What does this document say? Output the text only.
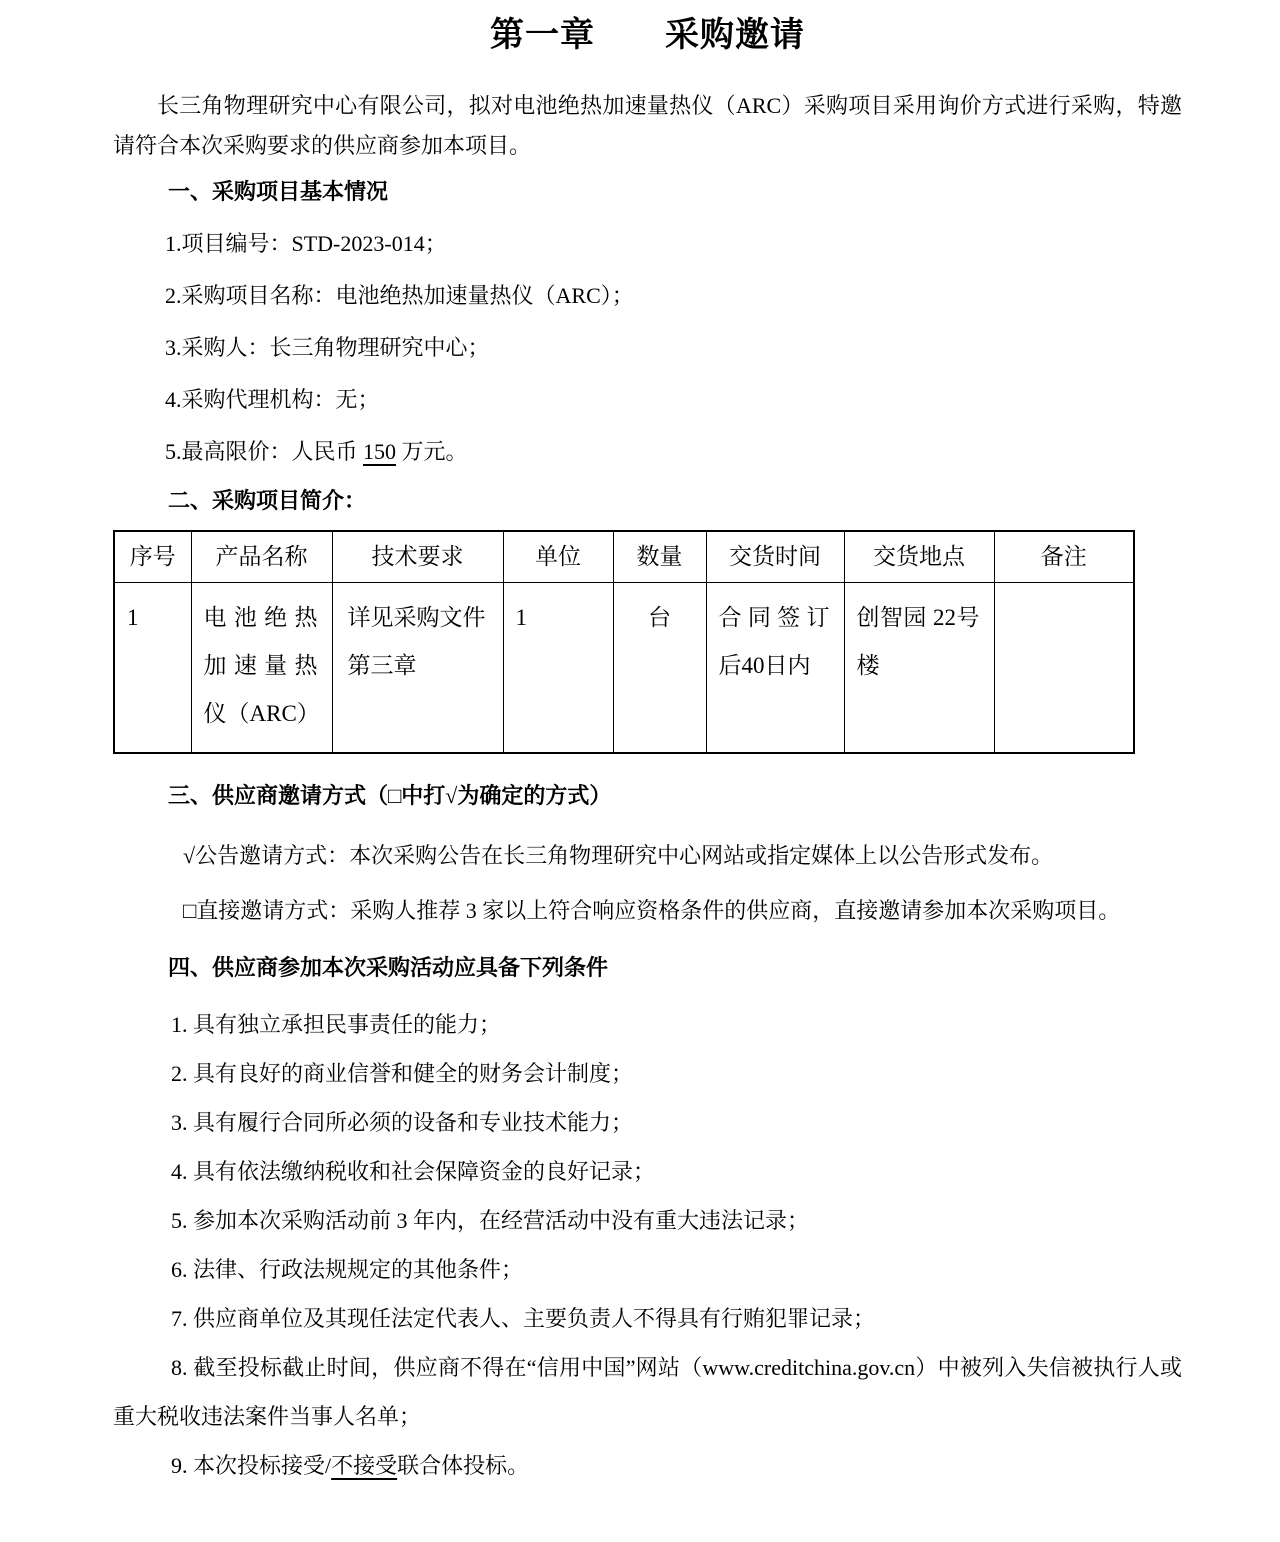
第一章　　采购邀请

长三角物理研究中心有限公司，拟对电池绝热加速量热仪（ARC）采购项目采用询价方式进行采购，特邀请符合本次采购要求的供应商参加本项目。

一、采购项目基本情况

1.项目编号：STD-2023-014；

2.采购项目名称：电池绝热加速量热仪（ARC）；

3.采购人：长三角物理研究中心；

4.采购代理机构：无；

5.最高限价：人民币 150 万元。

二、采购项目简介：

序号	产品名称	技术要求	单位	数量	交货时间	交货地点	备注
1	电池绝热加速量热仪（ARC）	详见采购文件第三章	1	台	合同签订后40日内	创智园 22号楼	

三、供应商邀请方式（□中打√为确定的方式）

√公告邀请方式：本次采购公告在长三角物理研究中心网站或指定媒体上以公告形式发布。

□直接邀请方式：采购人推荐 3 家以上符合响应资格条件的供应商，直接邀请参加本次采购项目。

四、供应商参加本次采购活动应具备下列条件

1. 具有独立承担民事责任的能力；

2. 具有良好的商业信誉和健全的财务会计制度；

3. 具有履行合同所必须的设备和专业技术能力；

4. 具有依法缴纳税收和社会保障资金的良好记录；

5. 参加本次采购活动前 3 年内，在经营活动中没有重大违法记录；

6. 法律、行政法规规定的其他条件；

7. 供应商单位及其现任法定代表人、主要负责人不得具有行贿犯罪记录；

8. 截至投标截止时间，供应商不得在“信用中国”网站（www.creditchina.gov.cn）中被列入失信被执行人或重大税收违法案件当事人名单；

9. 本次投标接受/不接受联合体投标。
